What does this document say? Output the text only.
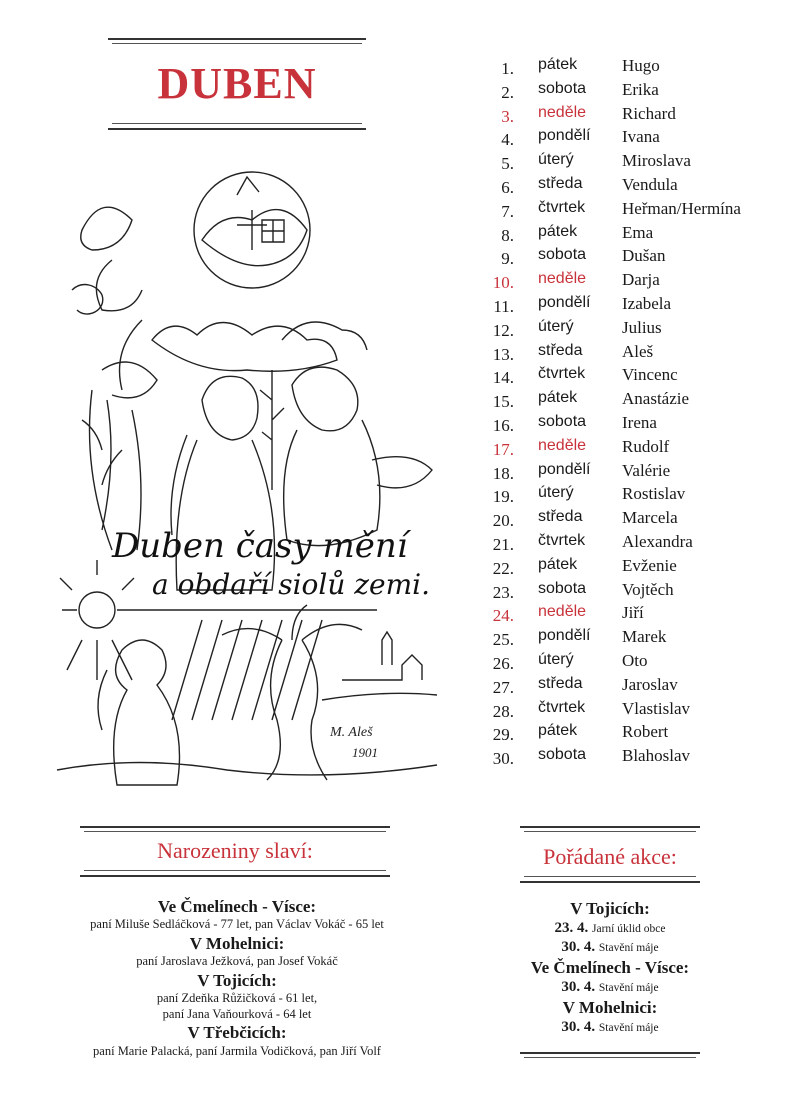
DUBEN
Duben časy mění
a obdaří siolů zemi.
M. Aleš
1901
1. pátek	Hugo
2. sobota Erika
3. neděle Richard
4. pondělí Ivana
5. úterý	Miroslava
6. středa Vendula
7. čtvrtek Heřman/Hermína
8. pátek	Ema
9. sobota Dušan
10. neděle Darja
11. pondělí Izabela
12. úterý	Julius
13. středa Aleš
14. čtvrtek Vincenc
15. pátek	Anastázie
16. sobota Irena
17. neděle Rudolf
18. pondělí Valérie
19. úterý	Rostislav
20. středa Marcela
21. čtvrtek Alexandra
22. pátek	Evženie
23. sobota Vojtěch
24. neděle Jiří
25. pondělí Marek
26. úterý	Oto
27. středa Jaroslav
28. čtvrtek Vlastislav
29. pátek	Robert
30. sobota Blahoslav
Narozeniny slaví:
Ve Čmelínech - Vísce:
paní Miluše Sedláčková - 77 let, pan Václav Vokáč - 65 let
V Mohelnici:
paní Jaroslava Ježková, pan Josef Vokáč
V Tojicích:
paní Zdeňka Růžičková - 61 let,
paní Jana Vaňourková - 64 let
V Třebčicích:
paní Marie Palacká, paní Jarmila Vodičková, pan Jiří Volf
Pořádané akce:
V Tojicích:
23. 4. Jarní úklid obce
30. 4. Stavění máje
Ve Čmelínech - Vísce:
30. 4. Stavění máje
V Mohelnici:
30. 4. Stavění máje
